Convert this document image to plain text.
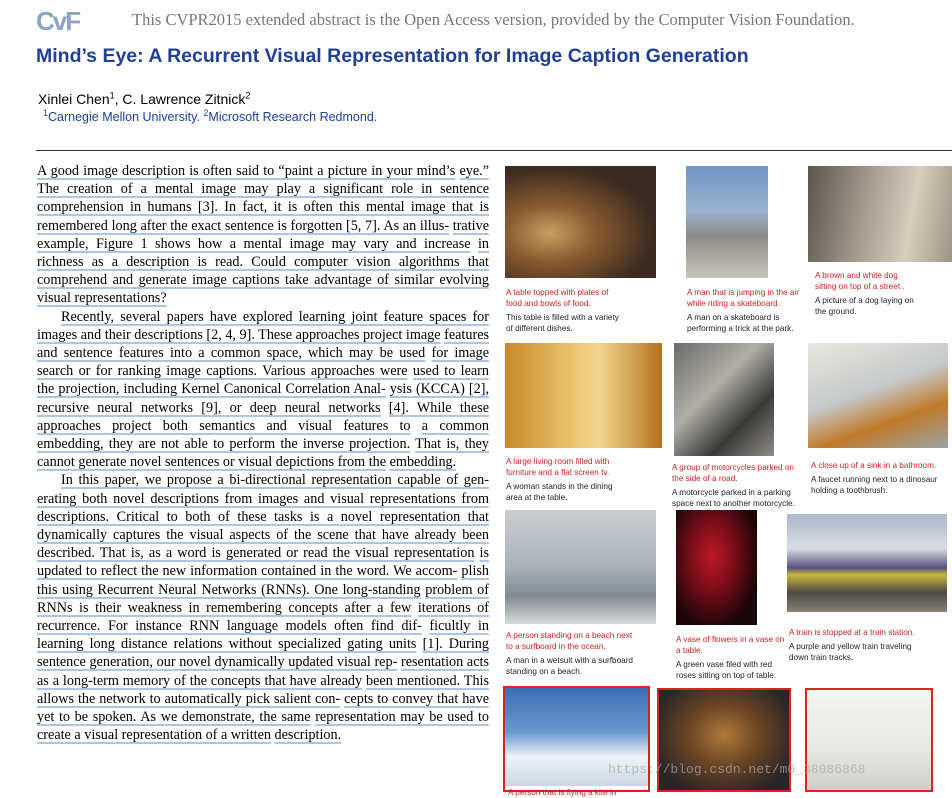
CvF	This CVPR2015 extended abstract is the Open Access version, provided by the Computer Vision Foundation.
Mind’s Eye: A Recurrent Visual Representation for Image Caption Generation
Xinlei Chen$^1$, C. Lawrence Zitnick$^2$
$^1$Carnegie Mellon University. $^2$Microsoft Research Redmond.

A good image description is often said to “paint a picture in your mind’s eye.” The creation of a mental image may play a significant role in sentence comprehension in humans [3]. In fact, it is often this mental image that is remembered long after the exact sentence is forgotten [5, 7]. As an illus- trative example, Figure 1 shows how a mental image may vary and increase in richness as a description is read. Could computer vision algorithms that comprehend and generate image captions take advantage of similar evolving visual representations?

Recently, several papers have explored learning joint feature spaces for images and their descriptions [2, 4, 9]. These approaches project image features and sentence features into a common space, which may be used for image search or for ranking image captions. Various approaches were used to learn the projection, including Kernel Canonical Correlation Anal- ysis (KCCA) [2], recursive neural networks [9], or deep neural networks [4]. While these approaches project both semantics and visual features to a common embedding, they are not able to perform the inverse projection. That is, they cannot generate novel sentences or visual depictions from the embedding.

In this paper, we propose a bi-directional representation capable of gen- erating both novel descriptions from images and visual representations from descriptions. Critical to both of these tasks is a novel representation that dynamically captures the visual aspects of the scene that have already been described. That is, as a word is generated or read the visual representation is updated to reflect the new information contained in the word. We accom- plish this using Recurrent Neural Networks (RNNs). One long-standing problem of RNNs is their weakness in remembering concepts after a few iterations of recurrence. For instance RNN language models often find dif- ficultly in learning long distance relations without specialized gating units [1]. During sentence generation, our novel dynamically updated visual rep- resentation acts as a long-term memory of the concepts that have already been mentioned. This allows the network to automatically pick salient con- cepts to convey that have yet to be spoken. As we demonstrate, the same representation may be used to create a visual representation of a written description.

A table topped with plates of food and bowls of food.
This table is filled with a variety of different dishes.
A man that is jumping in the air while riding a skateboard.
A man on a skateboard is performing a trick at the park.
A brown and white dog sitting on top of a street .
A picture of a dog laying on the ground.
A large living room filled with furniture and a flat screen tv.
A woman stands in the dining area at the table.
A group of motorcycles parked on the side of a road.
A motorcycle parked in a parking space next to another motorcycle.
A close up of a sink in a bathroom.
A faucet running next to a dinosaur holding a toothbrush.
A person standing on a beach next to a surfboard in the ocean.
A man in a wetsuit with a surfboard standing on a beach.
A vase of flowers in a vase on a table.
A green vase filed with red roses sitting on top of table.
A train is stopped at a train station.
A purple and yellow train traveling down train tracks.
A person that is flying a kite in
https://blog.csdn.net/m0_38086868
